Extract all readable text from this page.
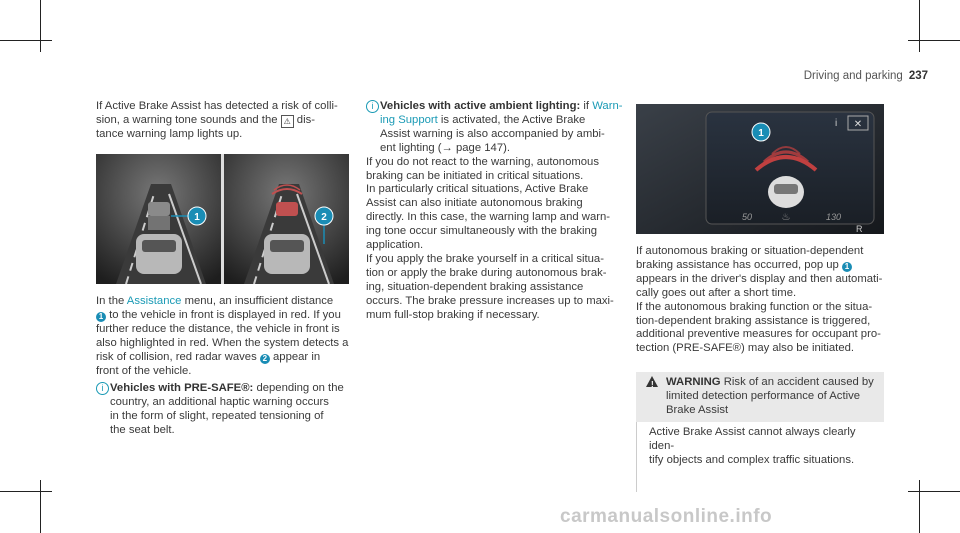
Driving and parking 237

If Active Brake Assist has detected a risk of colli-
sion, a warning tone sounds and the ⚠ dis-
tance warning lamp lights up.

1	2

In the Assistance menu, an insufficient distance
1 to the vehicle in front is displayed in red. If you
further reduce the distance, the vehicle in front is
also highlighted in red. When the system detects a
risk of collision, red radar waves 2 appear in
front of the vehicle.

i Vehicles with PRE-SAFE®: depending on the
country, an additional haptic warning occurs
in the form of slight, repeated tensioning of
the seat belt.

i Vehicles with active ambient lighting: if Warn-
ing Support is activated, the Active Brake
Assist warning is also accompanied by ambi-
ent lighting (→ page 147).

If you do not react to the warning, autonomous
braking can be initiated in critical situations.

In particularly critical situations, Active Brake
Assist can also initiate autonomous braking
directly. In this case, the warning lamp and warn-
ing tone occur simultaneously with the braking
application.

If you apply the brake yourself in a critical situa-
tion or apply the brake during autonomous brak-
ing, situation-dependent braking assistance
occurs. The brake pressure increases up to maxi-
mum full-stop braking if necessary.

i ✕
1
50	♨	130
R

If autonomous braking or situation-dependent
braking assistance has occurred, pop up 1
appears in the driver's display and then automati-
cally goes out after a short time.

If the autonomous braking function or the situa-
tion-dependent braking assistance is triggered,
additional preventive measures for occupant pro-
tection (PRE-SAFE®) may also be initiated.

! WARNING Risk of an accident caused by
limited detection performance of Active
Brake Assist
Active Brake Assist cannot always clearly iden-
tify objects and complex traffic situations.
carmanualsonline.info
